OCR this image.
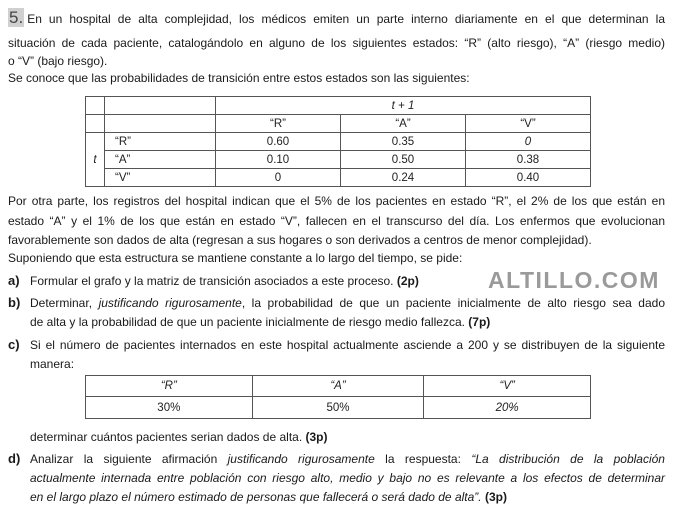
5. En un hospital de alta complejidad, los médicos emiten un parte interno diariamente en el que determinan la
situación de cada paciente, catalogándolo en alguno de los siguientes estados: “R” (alto riesgo), “A” (riesgo medio)
o “V” (bajo riesgo).
Se conoce que las probabilidades de transición entre estos estados son las siguientes:
		t + 1		
		“R”	“A”	“V”
t	“R”	0.60	0.35	0
	“A”	0.10	0.50	0.38
	“V”	0	0.24	0.40
Por otra parte, los registros del hospital indican que el 5% de los pacientes en estado “R”, el 2% de los que están en
estado “A” y el 1% de los que están en estado “V”, fallecen en el transcurso del día. Los enfermos que evolucionan
favorablemente son dados de alta (regresan a sus hogares o son derivados a centros de menor complejidad).
Suponiendo que esta estructura se mantiene constante a lo largo del tiempo, se pide:
ALTILLO.COM
a) Formular el grafo y la matriz de transición asociados a este proceso. (2p)
b) Determinar, justificando rigurosamente, la probabilidad de que un paciente inicialmente de alto riesgo sea dado
de alta y la probabilidad de que un paciente inicialmente de riesgo medio fallezca. (7p)
c) Si el número de pacientes internados en este hospital actualmente asciende a 200 y se distribuyen de la siguiente
manera:
“R”	“A”	“V”
30%	50%	20%
determinar cuántos pacientes serian dados de alta. (3p)
d) Analizar la siguiente afirmación justificando rigurosamente la respuesta: “La distribución de la población
actualmente internada entre población con riesgo alto, medio y bajo no es relevante a los efectos de determinar
en el largo plazo el número estimado de personas que fallecerá o será dado de alta”. (3p)
